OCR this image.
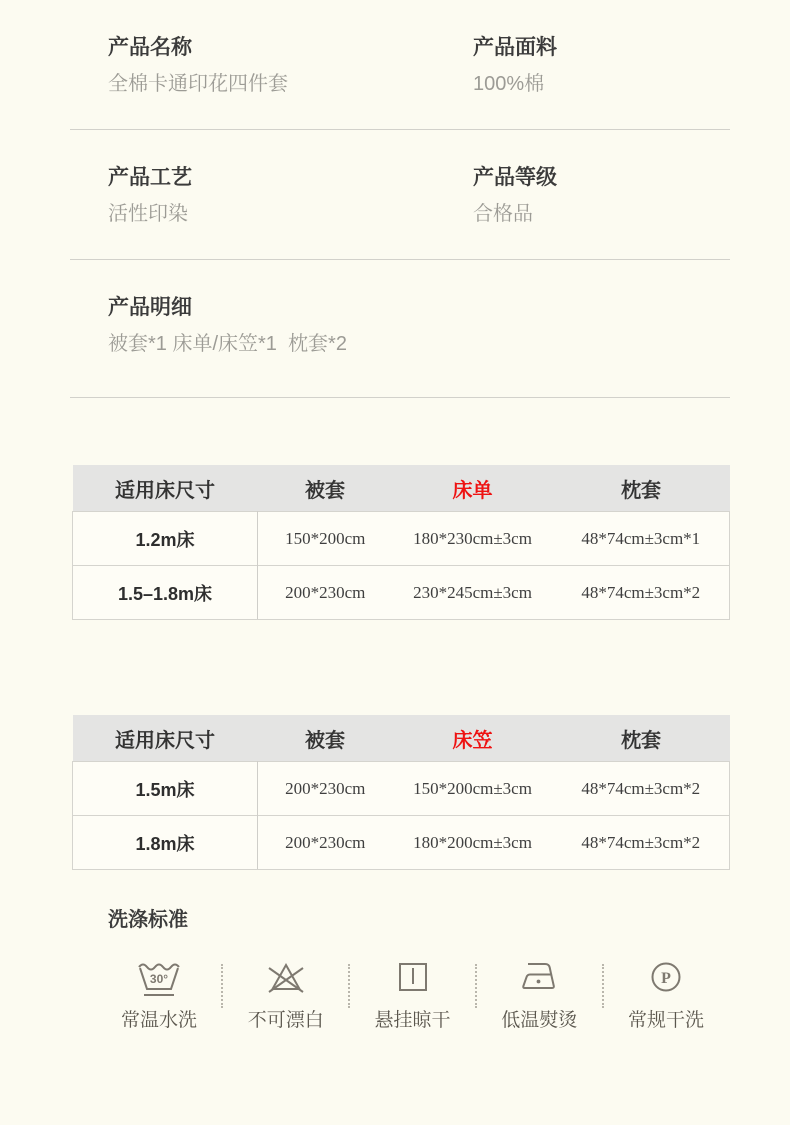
产品名称
全棉卡通印花四件套
产品面料
100%棉
产品工艺
活性印染
产品等级
合格品
产品明细
被套*1 床单/床笠*1  枕套*2
适用床尺寸	被套	床单	枕套
1.2m床	150*200cm	180*230cm±3cm	48*74cm±3cm*1
1.5–1.8m床	200*230cm	230*245cm±3cm	48*74cm±3cm*2
适用床尺寸	被套	床笠	枕套
1.5m床	200*230cm	150*200cm±3cm	48*74cm±3cm*2
1.8m床	200*230cm	180*200cm±3cm	48*74cm±3cm*2
洗涤标准
30°
常温水洗	不可漂白	悬挂晾干	低温熨烫
P
常规干洗
